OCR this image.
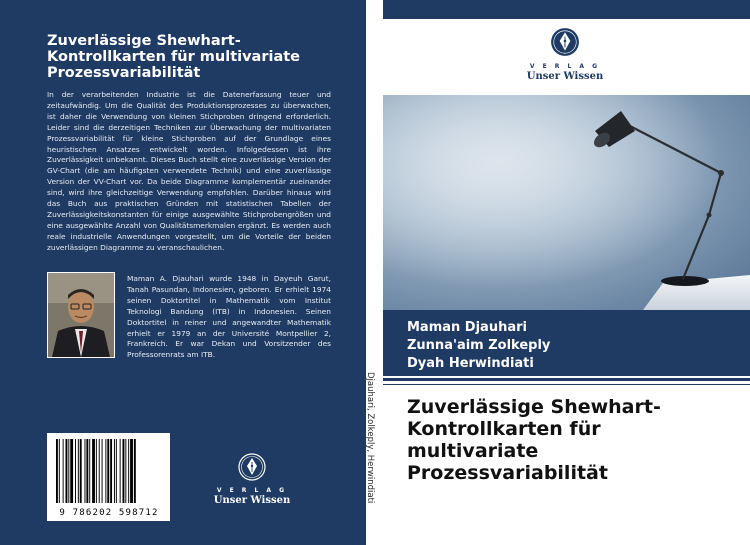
Zuverlässige Shewhart-Kontrollkarten für multivariate Prozessvariabilität
In der verarbeitenden Industrie ist die Datenerfassung teuer und zeitaufwändig. Um die Qualität des Produktionsprozesses zu überwachen, ist daher die Verwendung von kleinen Stichproben dringend erforderlich. Leider sind die derzeitigen Techniken zur Überwachung der multivariaten Prozessvariabilität für kleine Stichproben auf der Grundlage eines heuristischen Ansatzes entwickelt worden. Infolgedessen ist ihre Zuverlässigkeit unbekannt. Dieses Buch stellt eine zuverlässige Version der GV-Chart (die am häufigsten verwendete Technik) und eine zuverlässige Version der VV-Chart vor. Da beide Diagramme komplementär zueinander sind, wird ihre gleichzeitige Verwendung empfohlen. Darüber hinaus wird das Buch aus praktischen Gründen mit statistischen Tabellen der Zuverlässigkeitskonstanten für einige ausgewählte Stichprobengrößen und eine ausgewählte Anzahl von Qualitätsmerkmalen ergänzt. Es werden auch reale industrielle Anwendungen vorgestellt, um die Vorteile der beiden zuverlässigen Diagramme zu veranschaulichen.
Maman A. Djauhari wurde 1948 in Dayeuh Garut, Tanah Pasundan, Indonesien, geboren. Er erhielt 1974 seinen Doktortitel in Mathematik vom Institut Teknologi Bandung (ITB) in Indonesien. Seinen Doktortitel in reiner und angewandter Mathematik erhielt er 1979 an der Université Montpellier 2, Frankreich. Er war Dekan und Vorsitzender des Professorenrats am ITB.
9 786202 598712
V E R L A G
Unser Wissen	Djauhari, Zolkeply, Herwindiati
V E R L A G
Unser Wissen
Maman Djauhari
Zunna'aim Zolkeply
Dyah Herwindiati
Zuverlässige Shewhart-Kontrollkarten für multivariate Prozessvariabilität
